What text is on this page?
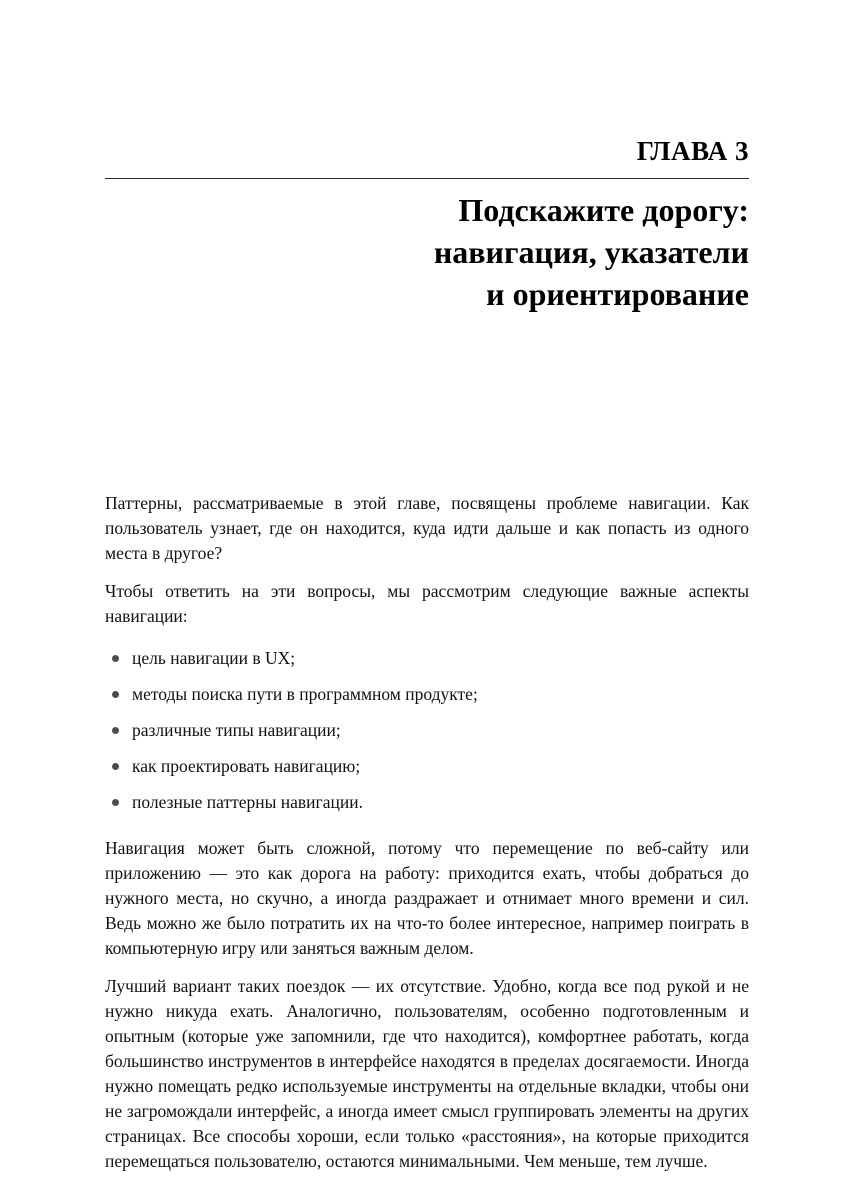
ГЛАВА 3
Подскажите дорогу:
навигация, указатели
и ориентирование

Паттерны, рассматриваемые в этой главе, посвящены проблеме навигации. Как пользователь узнает, где он находится, куда идти дальше и как попасть из одного места в другое?

Чтобы ответить на эти вопросы, мы рассмотрим следующие важные аспекты навигации:

цель навигации в UX;
методы поиска пути в программном продукте;
различные типы навигации;
как проектировать навигацию;
полезные паттерны навигации.

Навигация может быть сложной, потому что перемещение по веб-сайту или приложению — это как дорога на работу: приходится ехать, чтобы добраться до нужного места, но скучно, а иногда раздражает и отнимает много времени и сил. Ведь можно же было потратить их на что-то более интересное, например поиграть в компьютерную игру или заняться важным делом.

Лучший вариант таких поездок — их отсутствие. Удобно, когда все под рукой и не нужно никуда ехать. Аналогично, пользователям, особенно подготовленным и опытным (которые уже запомнили, где что находится), комфортнее работать, когда большинство инструментов в интерфейсе находятся в пределах досягаемости. Иногда нужно помещать редко используемые инструменты на отдельные вкладки, чтобы они не загромождали интерфейс, а иногда имеет смысл группировать элементы на других страницах. Все способы хороши, если только «расстояния», на которые приходится перемещаться пользователю, остаются минимальными. Чем меньше, тем лучше.
